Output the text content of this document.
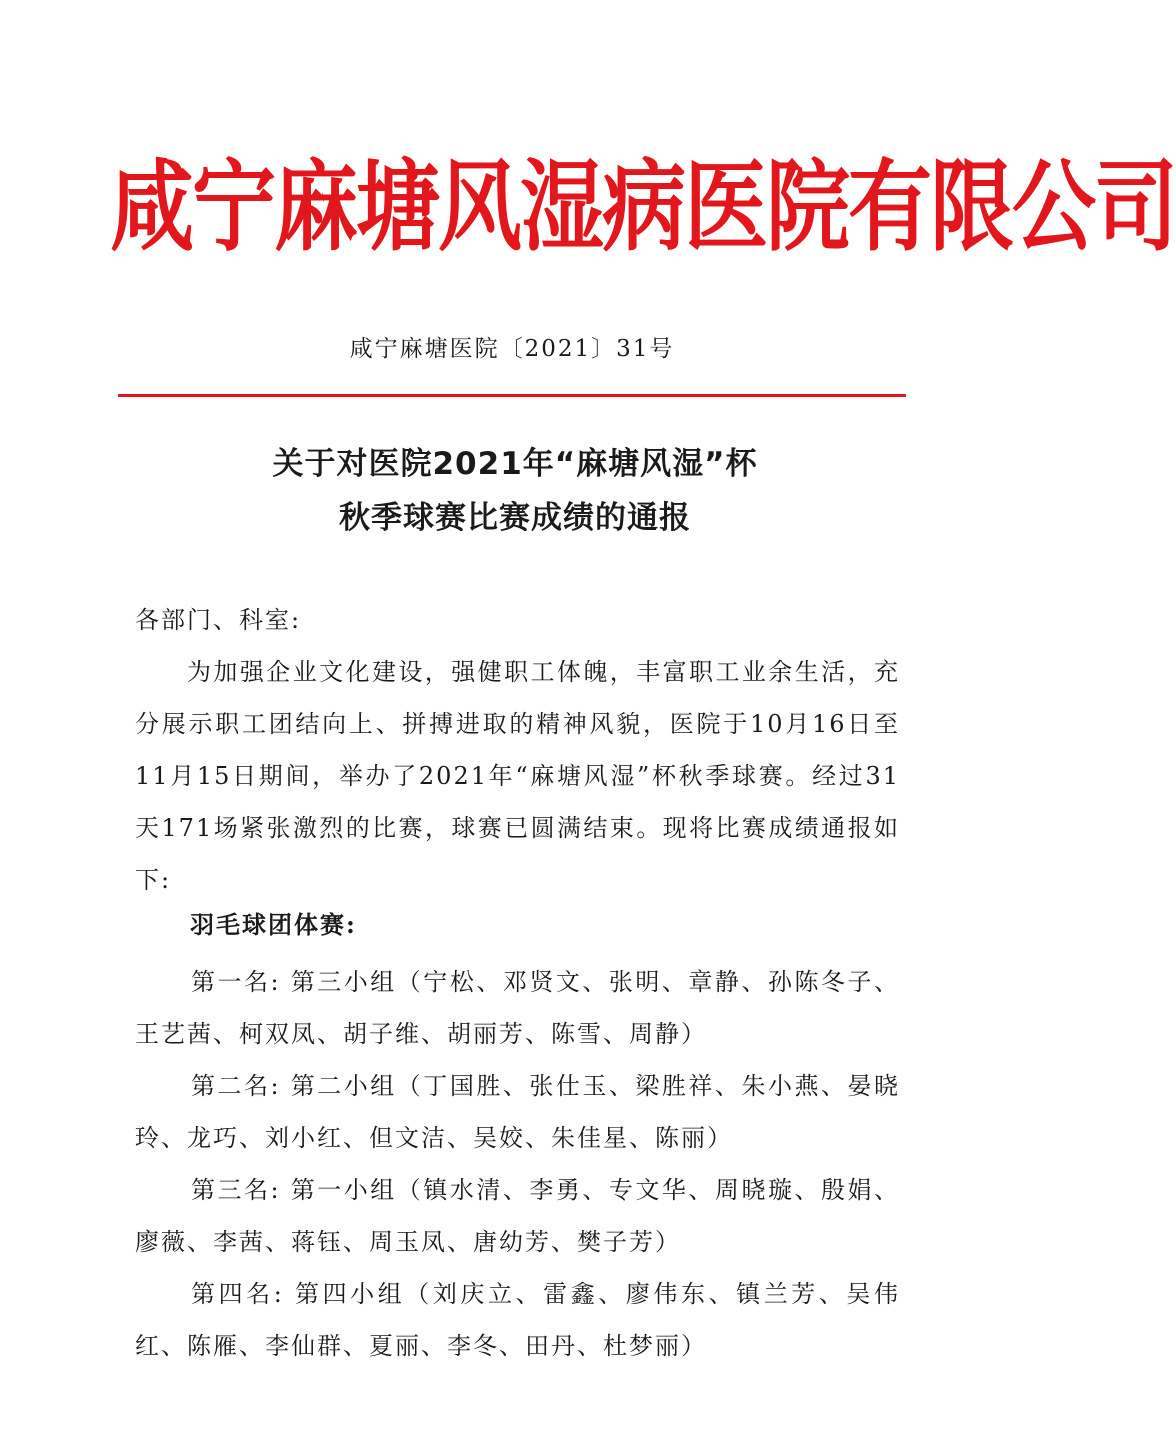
咸宁麻塘风湿病医院有限公司
咸宁麻塘医院〔2021〕31号
关于对医院2021年“麻塘风湿”杯
秋季球赛比赛成绩的通报
各部门、科室:
为加强企业文化建设，强健职工体魄，丰富职工业余生活，充分展示职工团结向上、拼搏进取的精神风貌，医院于10月16日至11月15日期间，举办了2021年“麻塘风湿”杯秋季球赛。经过31天171场紧张激烈的比赛，球赛已圆满结束。现将比赛成绩通报如下:
羽毛球团体赛:

第一名: 第三小组（宁松、邓贤文、张明、章静、孙陈冬子、王艺茜、柯双凤、胡子维、胡丽芳、陈雪、周静）

第二名: 第二小组（丁国胜、张仕玉、梁胜祥、朱小燕、晏晓玲、龙巧、刘小红、但文洁、吴姣、朱佳星、陈丽）

第三名: 第一小组（镇水清、李勇、专文华、周晓璇、殷娟、廖薇、李茜、蒋钰、周玉凤、唐幼芳、樊子芳）

第四名: 第四小组（刘庆立、雷鑫、廖伟东、镇兰芳、吴伟红、陈雁、李仙群、夏丽、李冬、田丹、杜梦丽）
